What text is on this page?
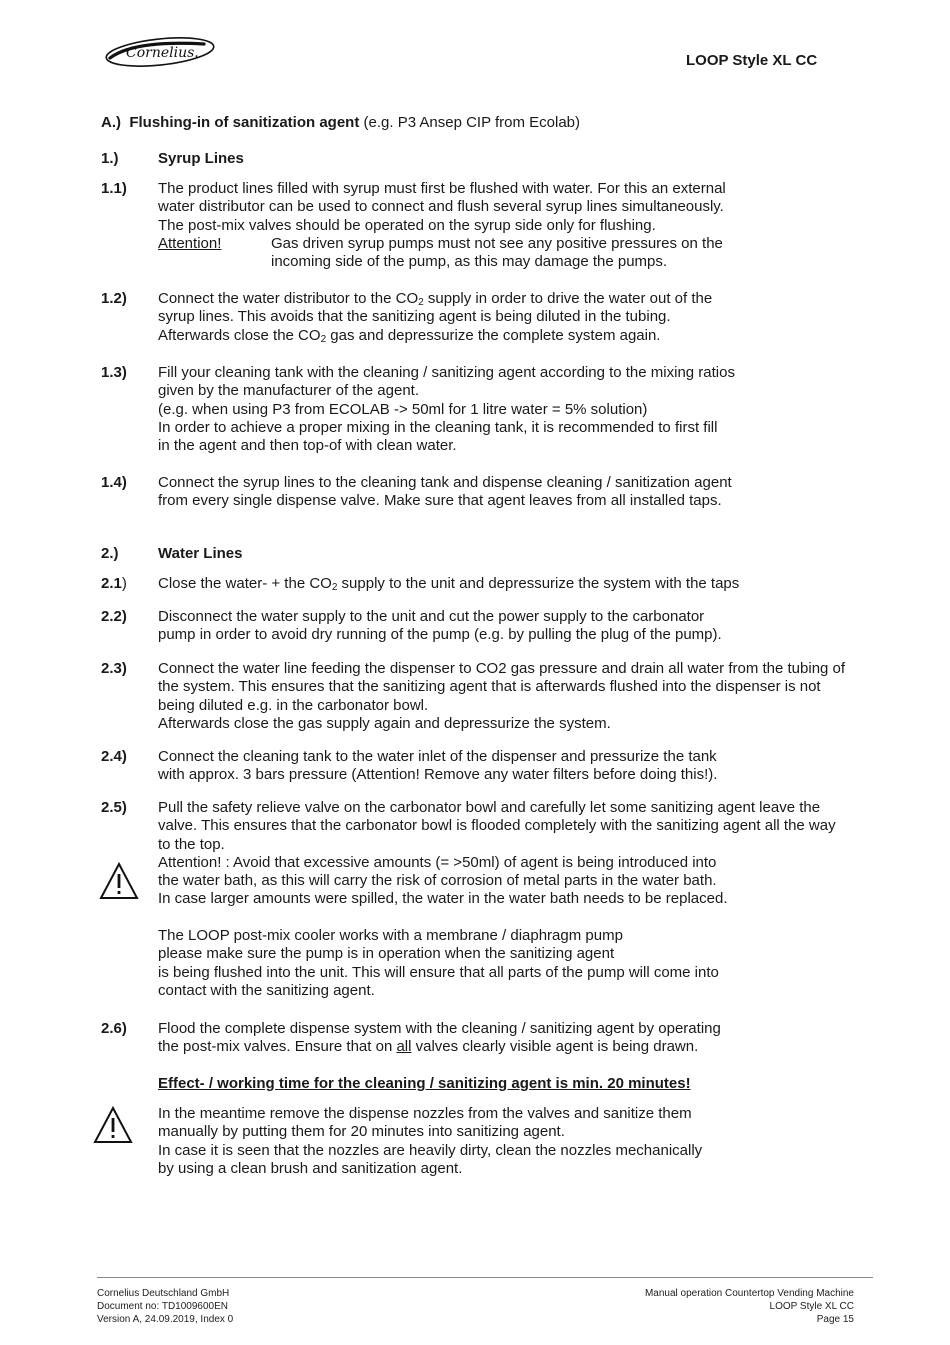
Cornelius.	LOOP Style XL CC
A.) Flushing-in of sanitization agent (e.g. P3 Ansep CIP from Ecolab)
1.)	Syrup Lines
1.1) The product lines filled with syrup must first be flushed with water. For this an external
water distributor can be used to connect and flush several syrup lines simultaneously.
The post-mix valves should be operated on the syrup side only for flushing.
Attention!	Gas driven syrup pumps must not see any positive pressures on the
incoming side of the pump, as this may damage the pumps.
1.2) Connect the water distributor to the $CO_2$ supply in order to drive the water out of the
syrup lines. This avoids that the sanitizing agent is being diluted in the tubing.
Afterwards close the $CO_2$ gas and depressurize the complete system again.
1.3) Fill your cleaning tank with the cleaning / sanitizing agent according to the mixing ratios
given by the manufacturer of the agent.
(e.g. when using P3 from ECOLAB -> 50ml for 1 litre water = 5% solution)
In order to achieve a proper mixing in the cleaning tank, it is recommended to first fill
in the agent and then top-of with clean water.
1.4) Connect the syrup lines to the cleaning tank and dispense cleaning / sanitization agent
from every single dispense valve. Make sure that agent leaves from all installed taps.
2.)	Water Lines
2.1) Close the water- + the $CO_2$ supply to the unit and depressurize the system with the taps
2.2) Disconnect the water supply to the unit and cut the power supply to the carbonator
pump in order to avoid dry running of the pump (e.g. by pulling the plug of the pump).
2.3) Connect the water line feeding the dispenser to CO2 gas pressure and drain all water from the tubing of
the system. This ensures that the sanitizing agent that is afterwards flushed into the dispenser is not
being diluted e.g. in the carbonator bowl.
Afterwards close the gas supply again and depressurize the system.
2.4) Connect the cleaning tank to the water inlet of the dispenser and pressurize the tank
with approx. 3 bars pressure (Attention! Remove any water filters before doing this!).
2.5) Pull the safety relieve valve on the carbonator bowl and carefully let some sanitizing agent leave the
valve. This ensures that the carbonator bowl is flooded completely with the sanitizing agent all the way
to the top.
Attention! : Avoid that excessive amounts (= >50ml) of agent is being introduced into
the water bath, as this will carry the risk of corrosion of metal parts in the water bath.
In case larger amounts were spilled, the water in the water bath needs to be replaced.
The LOOP post-mix cooler works with a membrane / diaphragm pump
please make sure the pump is in operation when the sanitizing agent
is being flushed into the unit. This will ensure that all parts of the pump will come into
contact with the sanitizing agent.
2.6) Flood the complete dispense system with the cleaning / sanitizing agent by operating
the post-mix valves. Ensure that on all valves clearly visible agent is being drawn.
Effect- / working time for the cleaning / sanitizing agent is min. 20 minutes!
In the meantime remove the dispense nozzles from the valves and sanitize them
manually by putting them for 20 minutes into sanitizing agent.
In case it is seen that the nozzles are heavily dirty, clean the nozzles mechanically
by using a clean brush and sanitization agent.
Cornelius Deutschland GmbH
Document no: TD1009600EN
Version A, 24.09.2019, Index 0
Manual operation Countertop Vending Machine
LOOP Style XL CC
Page 15
